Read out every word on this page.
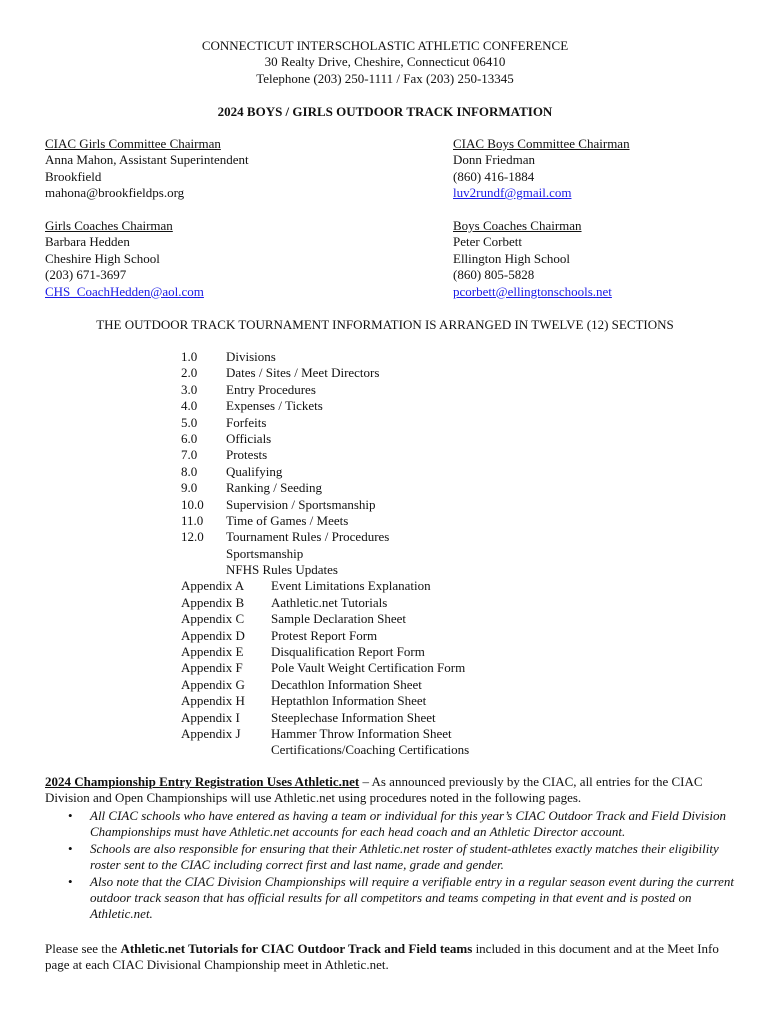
CONNECTICUT INTERSCHOLASTIC ATHLETIC CONFERENCE
30 Realty Drive, Cheshire, Connecticut 06410
Telephone (203) 250-1111 / Fax (203) 250-13345
2024 BOYS / GIRLS OUTDOOR TRACK INFORMATION
CIAC Girls Committee Chairman
Anna Mahon, Assistant Superintendent
Brookfield
mahona@brookfieldps.org
Girls Coaches Chairman
Barbara Hedden
Cheshire High School
(203) 671-3697
CHS_CoachHedden@aol.com
CIAC Boys Committee Chairman
Donn Friedman
(860) 416-1884
luv2rundf@gmail.com
Boys Coaches Chairman
Peter Corbett
Ellington High School
(860) 805-5828
pcorbett@ellingtonschools.net
THE OUTDOOR TRACK TOURNAMENT INFORMATION IS ARRANGED IN TWELVE (12) SECTIONS
1.0 Divisions
2.0 Dates / Sites / Meet Directors
3.0 Entry Procedures
4.0 Expenses / Tickets
5.0 Forfeits
6.0 Officials
7.0 Protests
8.0 Qualifying
9.0 Ranking / Seeding
10.0 Supervision / Sportsmanship
11.0 Time of Games / Meets
12.0 Tournament Rules / Procedures
Sportsmanship
NFHS Rules Updates
Appendix A Event Limitations Explanation
Appendix B Aathletic.net Tutorials
Appendix C Sample Declaration Sheet
Appendix D Protest Report Form
Appendix E Disqualification Report Form
Appendix F Pole Vault Weight Certification Form
Appendix G Decathlon Information Sheet
Appendix H Heptathlon Information Sheet
Appendix I Steeplechase Information Sheet
Appendix J Hammer Throw Information Sheet
Certifications/Coaching Certifications
2024 Championship Entry Registration Uses Athletic.net – As announced previously by the CIAC, all entries for the CIAC Division and Open Championships will use Athletic.net using procedures noted in the following pages.
• All CIAC schools who have entered as having a team or individual for this year’s CIAC Outdoor Track and Field Division Championships must have Athletic.net accounts for each head coach and an Athletic Director account.
• Schools are also responsible for ensuring that their Athletic.net roster of student-athletes exactly matches their eligibility roster sent to the CIAC including correct first and last name, grade and gender.
• Also note that the CIAC Division Championships will require a verifiable entry in a regular season event during the current outdoor track season that has official results for all competitors and teams competing in that event and is posted on Athletic.net.
Please see the Athletic.net Tutorials for CIAC Outdoor Track and Field teams included in this document and at the Meet Info page at each CIAC Divisional Championship meet in Athletic.net.
